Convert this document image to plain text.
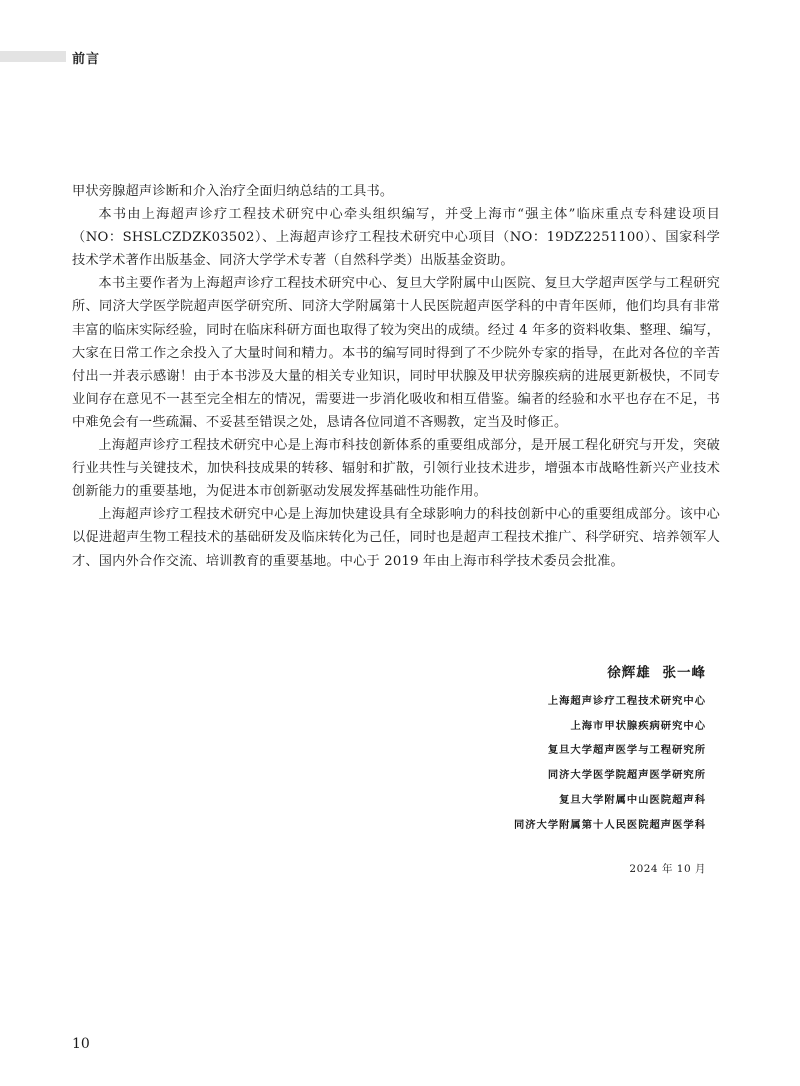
前言

甲状旁腺超声诊断和介入治疗全面归纳总结的工具书。

本书由上海超声诊疗工程技术研究中心牵头组织编写，并受上海市“强主体”临床重点专科建设项目（NO：SHSLCZDZK03502）、上海超声诊疗工程技术研究中心项目（NO：19DZ2251100）、国家科学技术学术著作出版基金、同济大学学术专著（自然科学类）出版基金资助。

本书主要作者为上海超声诊疗工程技术研究中心、复旦大学附属中山医院、复旦大学超声医学与工程研究所、同济大学医学院超声医学研究所、同济大学附属第十人民医院超声医学科的中青年医师，他们均具有非常丰富的临床实际经验，同时在临床科研方面也取得了较为突出的成绩。经过 4 年多的资料收集、整理、编写，大家在日常工作之余投入了大量时间和精力。本书的编写同时得到了不少院外专家的指导，在此对各位的辛苦付出一并表示感谢！由于本书涉及大量的相关专业知识，同时甲状腺及甲状旁腺疾病的进展更新极快，不同专业间存在意见不一甚至完全相左的情况，需要进一步消化吸收和相互借鉴。编者的经验和水平也存在不足，书中难免会有一些疏漏、不妥甚至错误之处，恳请各位同道不吝赐教，定当及时修正。

上海超声诊疗工程技术研究中心是上海市科技创新体系的重要组成部分，是开展工程化研究与开发，突破行业共性与关键技术，加快科技成果的转移、辐射和扩散，引领行业技术进步，增强本市战略性新兴产业技术创新能力的重要基地，为促进本市创新驱动发展发挥基础性功能作用。

上海超声诊疗工程技术研究中心是上海加快建设具有全球影响力的科技创新中心的重要组成部分。该中心以促进超声生物工程技术的基础研发及临床转化为己任，同时也是超声工程技术推广、科学研究、培养领军人才、国内外合作交流、培训教育的重要基地。中心于 2019 年由上海市科学技术委员会批准。

徐辉雄 张一峰
上海超声诊疗工程技术研究中心
上海市甲状腺疾病研究中心
复旦大学超声医学与工程研究所
同济大学医学院超声医学研究所
复旦大学附属中山医院超声科
同济大学附属第十人民医院超声医学科
2024 年 10 月
10
